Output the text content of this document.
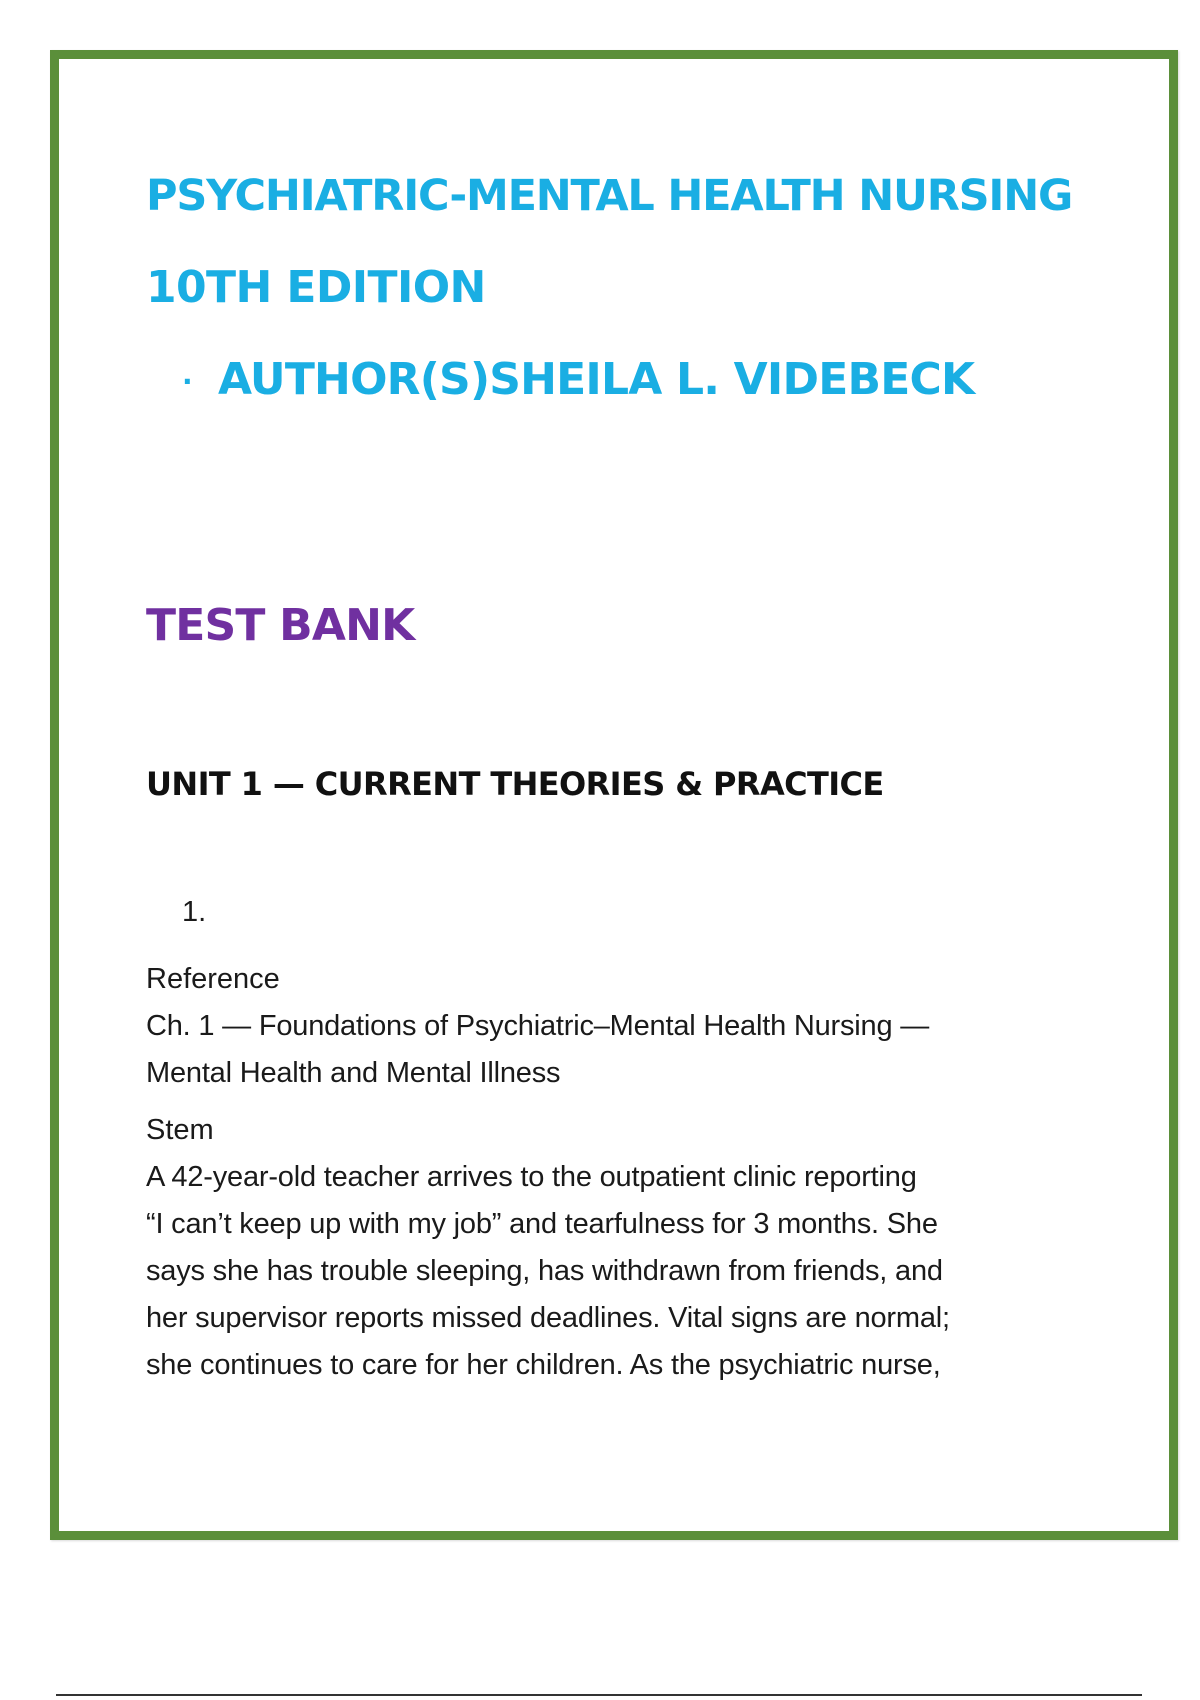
PSYCHIATRIC-MENTAL HEALTH NURSING
10TH EDITION
· AUTHOR(S)SHEILA L. VIDEBECK
TEST BANK
UNIT 1 — CURRENT THEORIES & PRACTICE
1.
Reference
Ch. 1 — Foundations of Psychiatric–Mental Health Nursing —
Mental Health and Mental Illness
Stem
A 42-year-old teacher arrives to the outpatient clinic reporting
“I can’t keep up with my job” and tearfulness for 3 months. She
says she has trouble sleeping, has withdrawn from friends, and
her supervisor reports missed deadlines. Vital signs are normal;
she continues to care for her children. As the psychiatric nurse,
